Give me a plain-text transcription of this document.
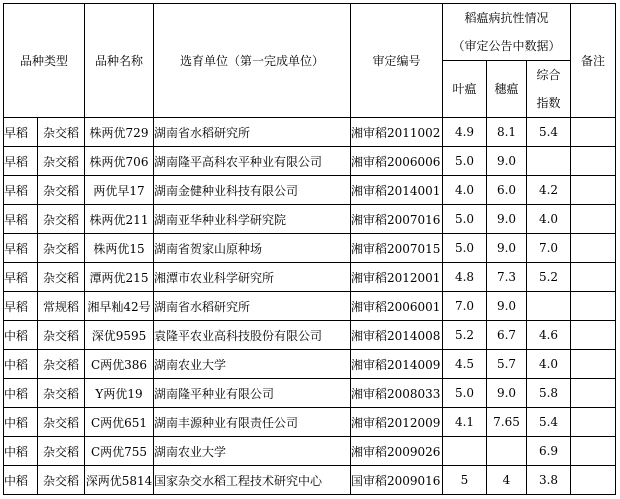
品种类型		品种名称	选育单位（第一完成单位）	审定编号	稻瘟病抗性情况			备注
					（审定公告中数据）			
					叶瘟	穗瘟	综合
指数	

早稻	杂交稻	株两优729	湖南省水稻研究所	湘审稻2011002	4.9	8.1	5.4	
早稻	杂交稻	株两优706	湖南隆平高科农平种业有限公司	湘审稻2006006	5.0	9.0		
早稻	杂交稻	两优早17	湖南金健种业科技有限公司	湘审稻2014001	4.0	6.0	4.2	
早稻	杂交稻	株两优211	湖南亚华种业科学研究院	湘审稻2007016	5.0	9.0	4.0	
早稻	杂交稻	株两优15	湖南省贺家山原种场	湘审稻2007015	5.0	9.0	7.0	
早稻	杂交稻	潭两优215	湘潭市农业科学研究所	湘审稻2012001	4.8	7.3	5.2	
早稻	常规稻	湘早籼42号	湖南省水稻研究所	湘审稻2006001	7.0	9.0		
中稻	杂交稻	深优9595	袁隆平农业高科技股份有限公司	湘审稻2014008	5.2	6.7	4.6	
中稻	杂交稻	C两优386	湖南农业大学	湘审稻2014009	4.5	5.7	4.0	
中稻	杂交稻	Y两优19	湖南隆平种业有限公司	湘审稻2008033	5.0	9.0	5.8	
中稻	杂交稻	C两优651	湖南丰源种业有限责任公司	湘审稻2012009	4.1	7.65	5.4	
中稻	杂交稻	C两优755	湖南农业大学	湘审稻2009026			6.9	
中稻	杂交稻	深两优5814	国家杂交水稻工程技术研究中心	国审稻2009016	5	4	3.8	
